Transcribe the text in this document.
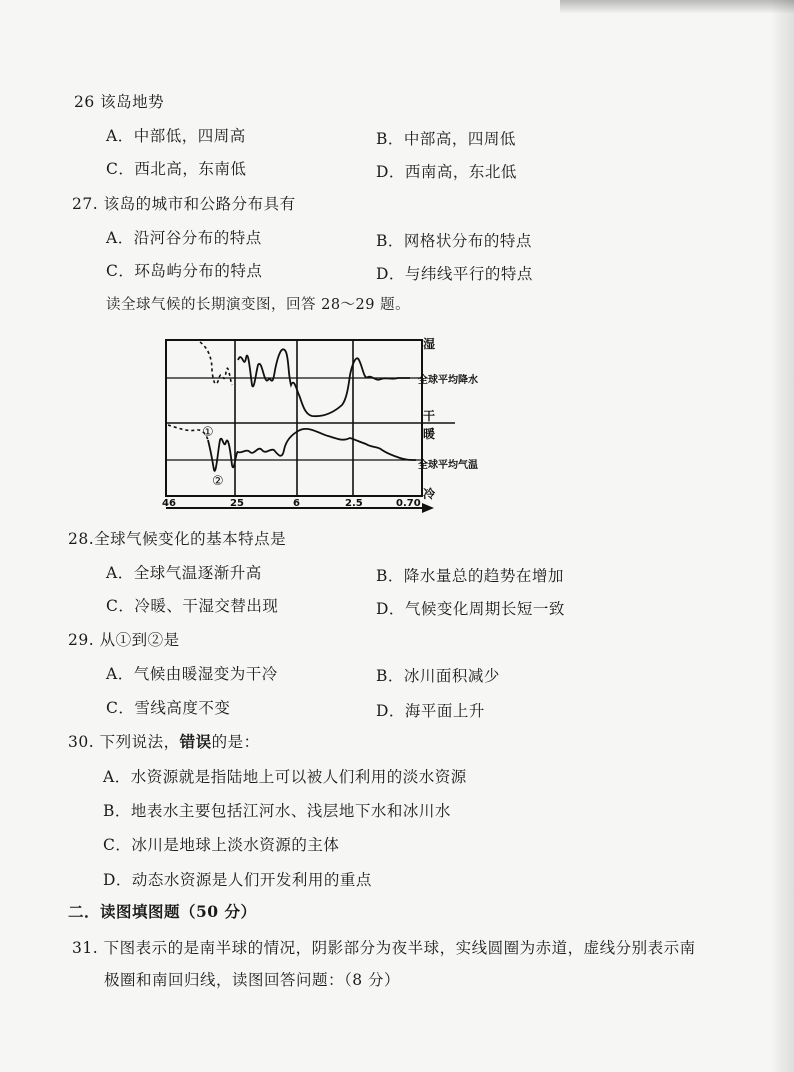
26 该岛地势
A．中部低，四周高	B．中部高，四周低
C．西北高，东南低	D．西南高，东北低
27. 该岛的城市和公路分布具有
A．沿河谷分布的特点	B．网格状分布的特点
C．环岛屿分布的特点	D．与纬线平行的特点
读全球气候的长期演变图，回答 28～29 题。
①
②
湿
全球平均降水
干
暖
全球平均气温
冷
46	25	6	2.5	0.70
28.全球气候变化的基本特点是
A．全球气温逐渐升高	B．降水量总的趋势在增加
C．冷暖、干湿交替出现	D．气候变化周期长短一致
29. 从①到②是
A．气候由暖湿变为干冷	B．冰川面积减少
C．雪线高度不变	D．海平面上升
30. 下列说法，错误的是：
A．水资源就是指陆地上可以被人们利用的淡水资源
B．地表水主要包括江河水、浅层地下水和冰川水
C．冰川是地球上淡水资源的主体
D．动态水资源是人们开发利用的重点
二．读图填图题（50 分）
31. 下图表示的是南半球的情况，阴影部分为夜半球，实线圆圈为赤道，虚线分别表示南
极圈和南回归线，读图回答问题：（8 分）
